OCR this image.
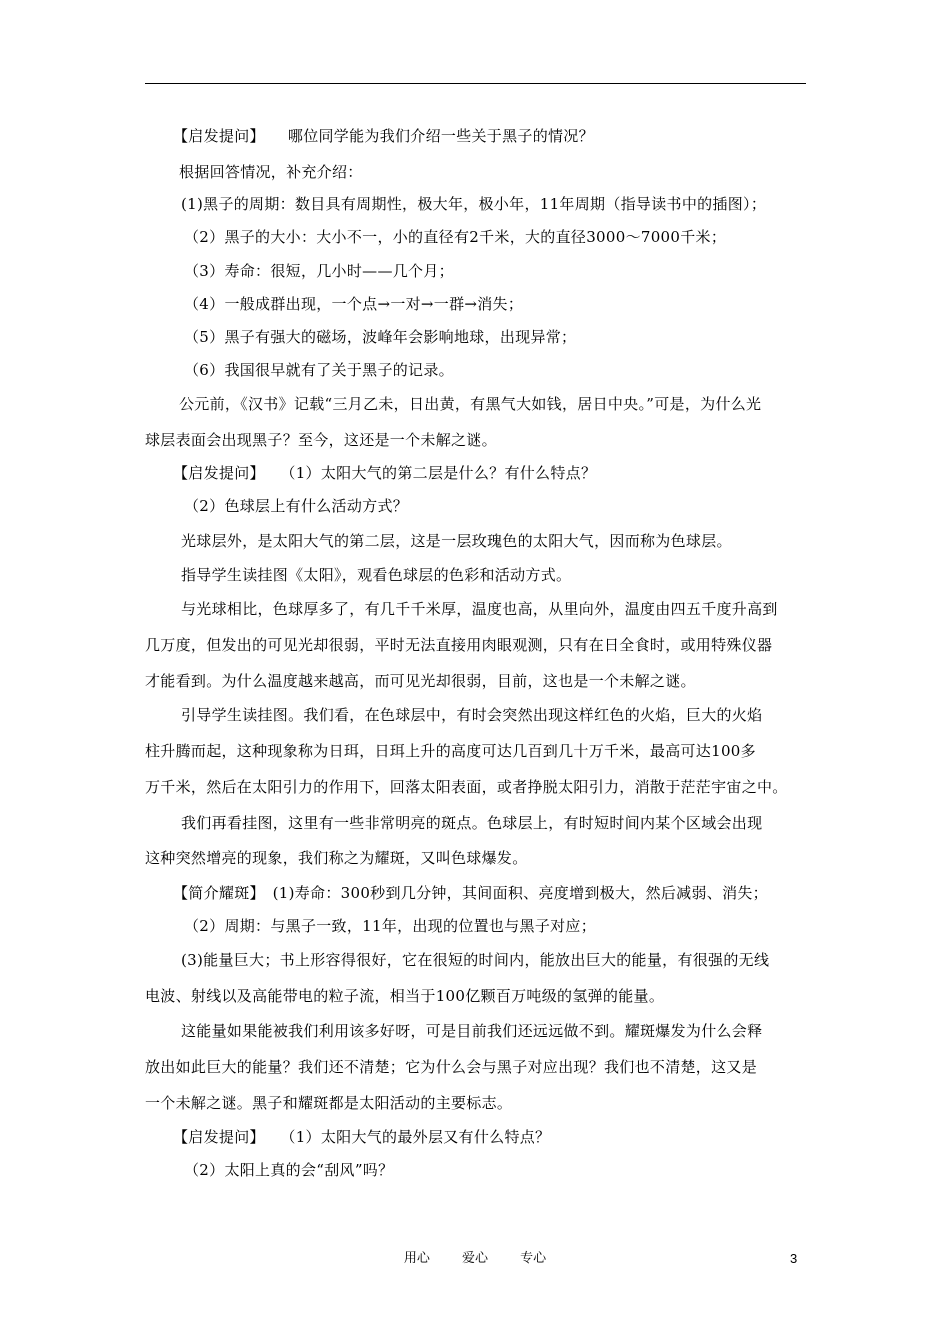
【启发提问】　　哪位同学能为我们介绍一些关于黑子的情况？
根据回答情况，补充介绍：
(1)黑子的周期：数目具有周期性，极大年，极小年，11年周期（指导读书中的插图）；
（2）黑子的大小：大小不一，小的直径有2千米，大的直径3000～7000千米；
（3）寿命：很短，几小时——几个月；
（4）一般成群出现，一个点→一对→一群→消失；
（5）黑子有强大的磁场，波峰年会影响地球，出现异常；
（6）我国很早就有了关于黑子的记录。
公元前，《汉书》记载“三月乙未，日出黄，有黑气大如钱，居日中央。”可是，为什么光
球层表面会出现黑子？至今，这还是一个未解之谜。
【启发提问】　　（1）太阳大气的第二层是什么？有什么特点？
（2）色球层上有什么活动方式？
光球层外，是太阳大气的第二层，这是一层玫瑰色的太阳大气，因而称为色球层。
指导学生读挂图《太阳》，观看色球层的色彩和活动方式。
与光球相比，色球厚多了，有几千千米厚，温度也高，从里向外，温度由四五千度升高到
几万度，但发出的可见光却很弱，平时无法直接用肉眼观测，只有在日全食时，或用特殊仪器
才能看到。为什么温度越来越高，而可见光却很弱，目前，这也是一个未解之谜。
引导学生读挂图。我们看，在色球层中，有时会突然出现这样红色的火焰，巨大的火焰
柱升腾而起，这种现象称为日珥，日珥上升的高度可达几百到几十万千米，最高可达100多
万千米，然后在太阳引力的作用下，回落太阳表面，或者挣脱太阳引力，消散于茫茫宇宙之中。
我们再看挂图，这里有一些非常明亮的斑点。色球层上，有时短时间内某个区域会出现
这种突然增亮的现象，我们称之为耀斑，又叫色球爆发。
【简介耀斑】　(1)寿命：300秒到几分钟，其间面积、亮度增到极大，然后减弱、消失；
（2）周期：与黑子一致，11年，出现的位置也与黑子对应；
(3)能量巨大；书上形容得很好，它在很短的时间内，能放出巨大的能量，有很强的无线
电波、射线以及高能带电的粒子流，相当于100亿颗百万吨级的氢弹的能量。
这能量如果能被我们利用该多好呀，可是目前我们还远远做不到。耀斑爆发为什么会释
放出如此巨大的能量？我们还不清楚；它为什么会与黑子对应出现？我们也不清楚，这又是
一个未解之谜。黑子和耀斑都是太阳活动的主要标志。
【启发提问】　　（1）太阳大气的最外层又有什么特点？
（2）太阳上真的会“刮风”吗？
用心 爱心 专心	3
